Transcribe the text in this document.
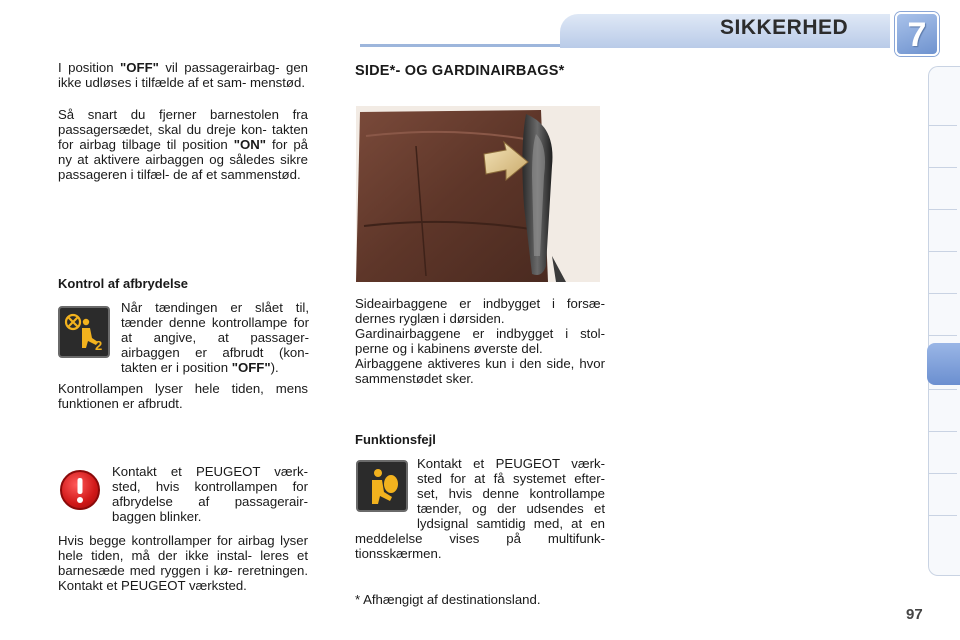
SIKKERHED	7
I position "OFF" vil passagerairbag- gen ikke udløses i tilfælde af et sam- menstød.
Så snart du fjerner barnestolen fra passagersædet, skal du dreje kon- takten for airbag tilbage til position "ON" for på ny at aktivere airbaggen og således sikre passageren i tilfæl- de af et sammenstød.
Kontrol af afbrydelse
2
Når tændingen er slået til, tænder denne kontrollampe for at angive, at passager- airbaggen er afbrudt (kon- takten er i position "OFF").
Kontrollampen lyser hele tiden, mens funktionen er afbrudt.
Kontakt et PEUGEOT værk- sted, hvis kontrollampen for afbrydelse af passagerair- baggen blinker.
Hvis begge kontrollamper for airbag lyser hele tiden, må der ikke instal- leres et barnesæde med ryggen i kø- reretningen. Kontakt et PEUGEOT værksted.
SIDE*- OG GARDINAIRBAGS*
Sideairbaggene er indbygget i forsæ- dernes ryglæn i dørsiden.
Gardinairbaggene er indbygget i stol- perne og i kabinens øverste del.
Airbaggene aktiveres kun i den side, hvor sammenstødet sker.
Funktionsfejl
Kontakt et PEUGEOT værk- sted for at få systemet efter- set, hvis denne kontrollampe tænder, og der udsendes et lydsignal samtidig med, at en meddelelse vises på multifunk- tionsskærmen.
* Afhængigt af destinationsland.
97
